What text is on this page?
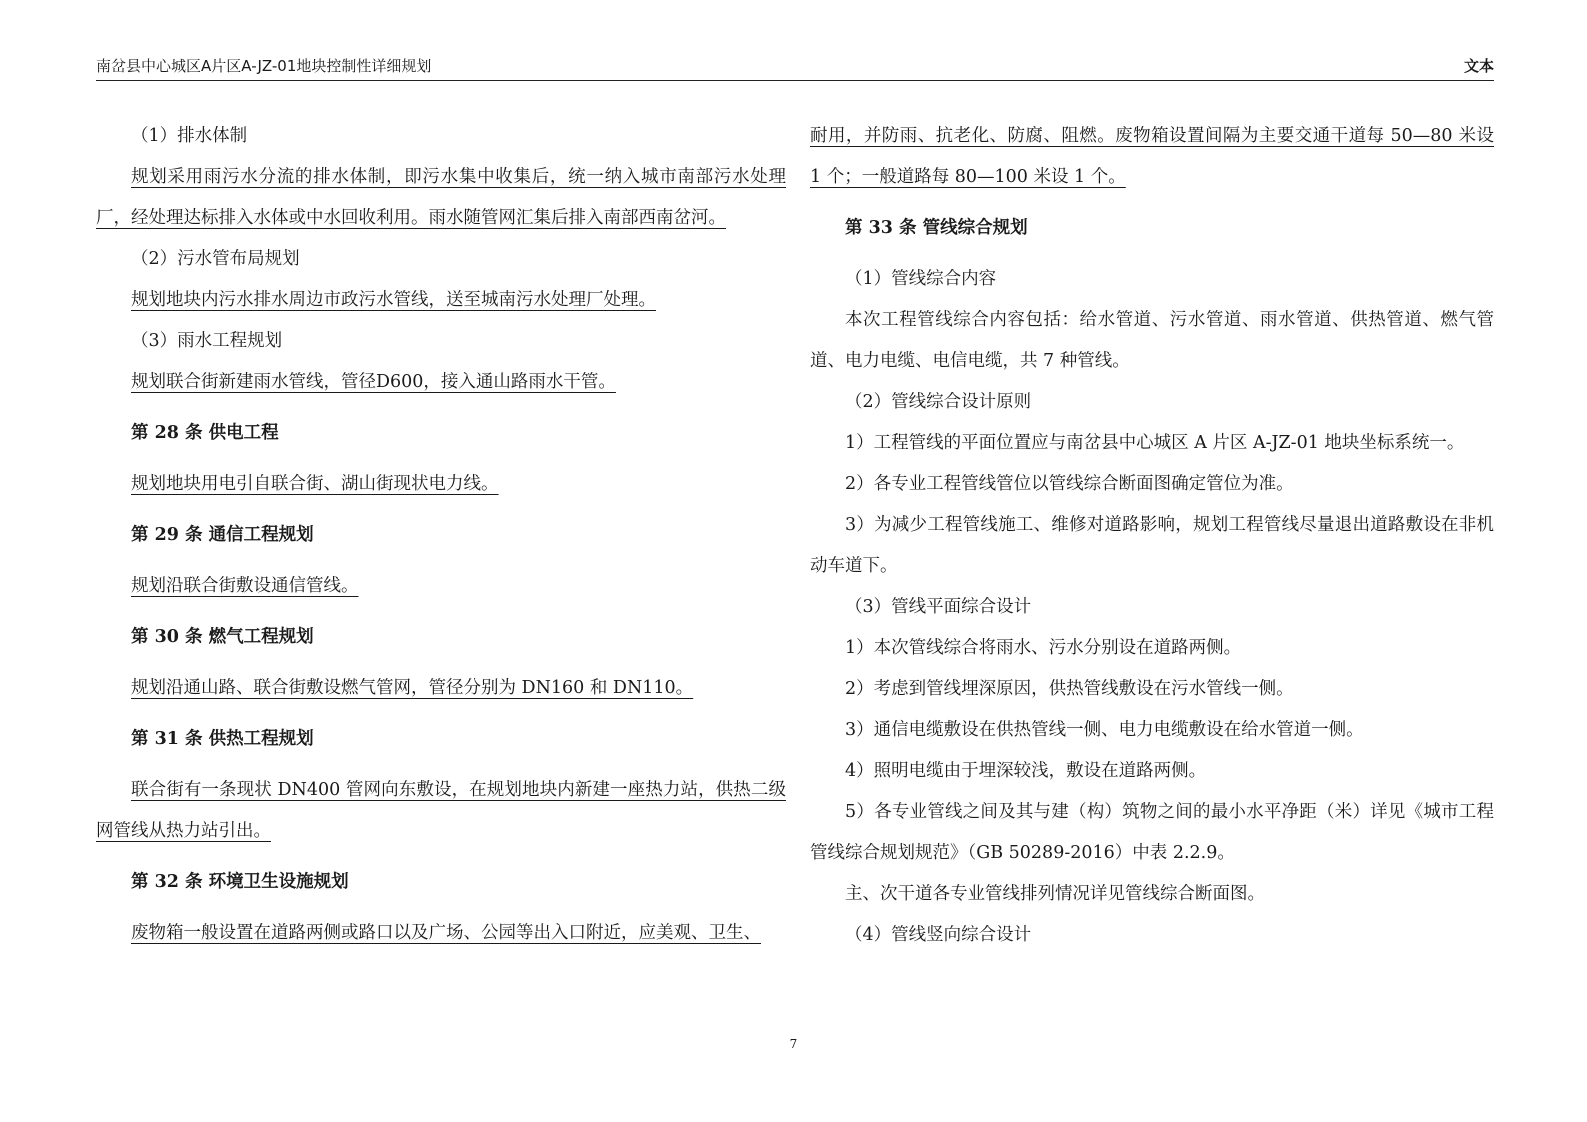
南岔县中心城区A片区A-JZ-01地块控制性详细规划	文本

（1）排水体制

规划采用雨污水分流的排水体制，即污水集中收集后，统一纳入城市南部污水处理厂，经处理达标排入水体或中水回收利用。雨水随管网汇集后排入南部西南岔河。

（2）污水管布局规划

规划地块内污水排水周边市政污水管线，送至城南污水处理厂处理。

（3）雨水工程规划

规划联合街新建雨水管线，管径D600，接入通山路雨水干管。

第 28 条 供电工程

规划地块用电引自联合街、湖山街现状电力线。

第 29 条 通信工程规划

规划沿联合街敷设通信管线。

第 30 条 燃气工程规划

规划沿通山路、联合街敷设燃气管网，管径分别为 DN160 和 DN110。

第 31 条 供热工程规划

联合街有一条现状 DN400 管网向东敷设，在规划地块内新建一座热力站，供热二级网管线从热力站引出。

第 32 条 环境卫生设施规划

废物箱一般设置在道路两侧或路口以及广场、公园等出入口附近，应美观、卫生、

耐用，并防雨、抗老化、防腐、阻燃。废物箱设置间隔为主要交通干道每 50—80 米设 1 个；一般道路每 80—100 米设 1 个。

第 33 条 管线综合规划

（1）管线综合内容

本次工程管线综合内容包括：给水管道、污水管道、雨水管道、供热管道、燃气管道、电力电缆、电信电缆，共 7 种管线。

（2）管线综合设计原则

1）工程管线的平面位置应与南岔县中心城区 A 片区 A-JZ-01 地块坐标系统一。

2）各专业工程管线管位以管线综合断面图确定管位为准。

3）为减少工程管线施工、维修对道路影响，规划工程管线尽量退出道路敷设在非机动车道下。

（3）管线平面综合设计

1）本次管线综合将雨水、污水分别设在道路两侧。

2）考虑到管线埋深原因，供热管线敷设在污水管线一侧。

3）通信电缆敷设在供热管线一侧、电力电缆敷设在给水管道一侧。

4）照明电缆由于埋深较浅，敷设在道路两侧。

5）各专业管线之间及其与建（构）筑物之间的最小水平净距（米）详见《城市工程管线综合规划规范》（GB 50289-2016）中表 2.2.9。

主、次干道各专业管线排列情况详见管线综合断面图。

（4）管线竖向综合设计

7
